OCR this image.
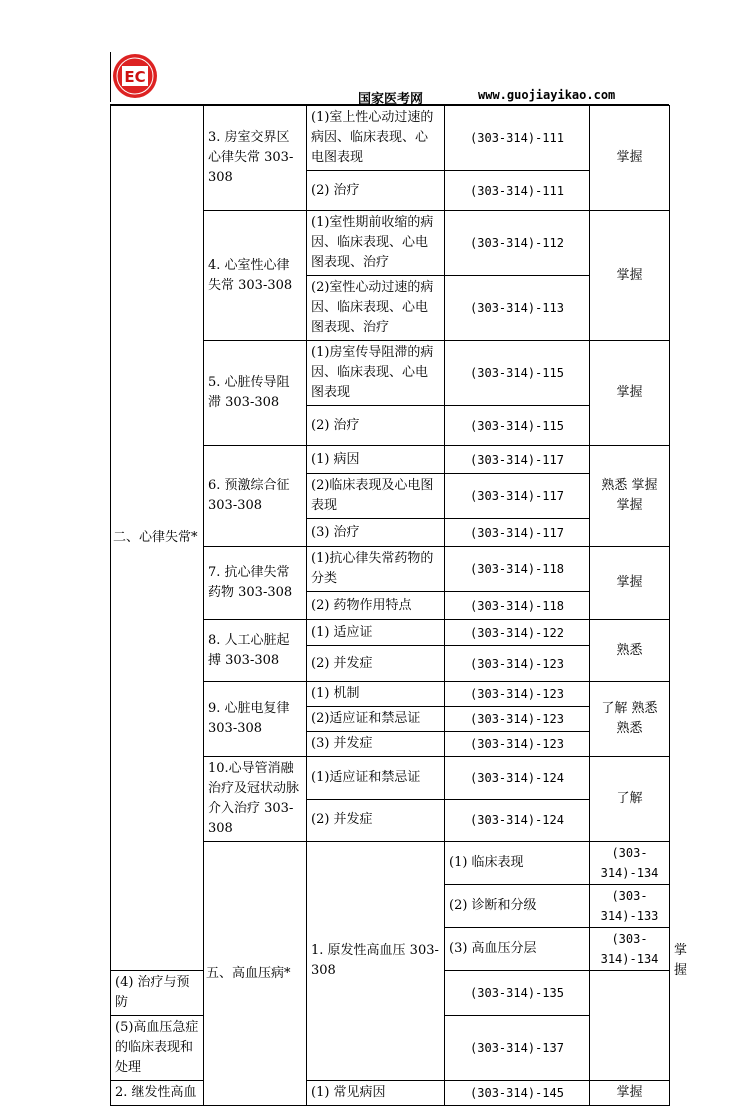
EC
国家医考网	www.guojiayikao.com
二、心律失常*	3. 房室交界区心律失常 303-308	(1)室上性心动过速的病因、临床表现、心电图表现	(303-314)-111	掌握	
		(2) 治疗	(303-314)-111		
	4. 心室性心律失常 303-308	(1)室性期前收缩的病因、临床表现、心电图表现、治疗	(303-314)-112	掌握	
		(2)室性心动过速的病因、临床表现、心电图表现、治疗	(303-314)-113		
	5. 心脏传导阻滞 303-308	(1)房室传导阻滞的病因、临床表现、心电图表现	(303-314)-115	掌握	
		(2) 治疗	(303-314)-115		
	6. 预激综合征 303-308	(1) 病因	(303-314)-117	熟悉 掌握 掌握	
		(2)临床表现及心电图表现	(303-314)-117		
		(3) 治疗	(303-314)-117		
	7. 抗心律失常药物 303-308	(1)抗心律失常药物的分类	(303-314)-118	掌握	
		(2) 药物作用特点	(303-314)-118		
	8. 人工心脏起搏 303-308	(1) 适应证	(303-314)-122	熟悉	
		(2) 并发症	(303-314)-123		
	9. 心脏电复律 303-308	(1) 机制	(303-314)-123	了解 熟悉 熟悉	
		(2)适应证和禁忌证	(303-314)-123		
		(3) 并发症	(303-314)-123		
	10.心导管消融治疗及冠状动脉介入治疗 303-308	(1)适应证和禁忌证	(303-314)-124	了解	
		(2) 并发症	(303-314)-124		
	五、高血压病*	1. 原发性高血压 303-308	(1) 临床表现	(303-314)-134	掌握
			(2) 诊断和分级	(303-314)-133	
			(3) 高血压分层	(303-314)-134	
(4) 治疗与预防			(303-314)-135		
(5)高血压急症的临床表现和处理			(303-314)-137		
2. 继发性高血		(1) 常见病因	(303-314)-145	掌握	
